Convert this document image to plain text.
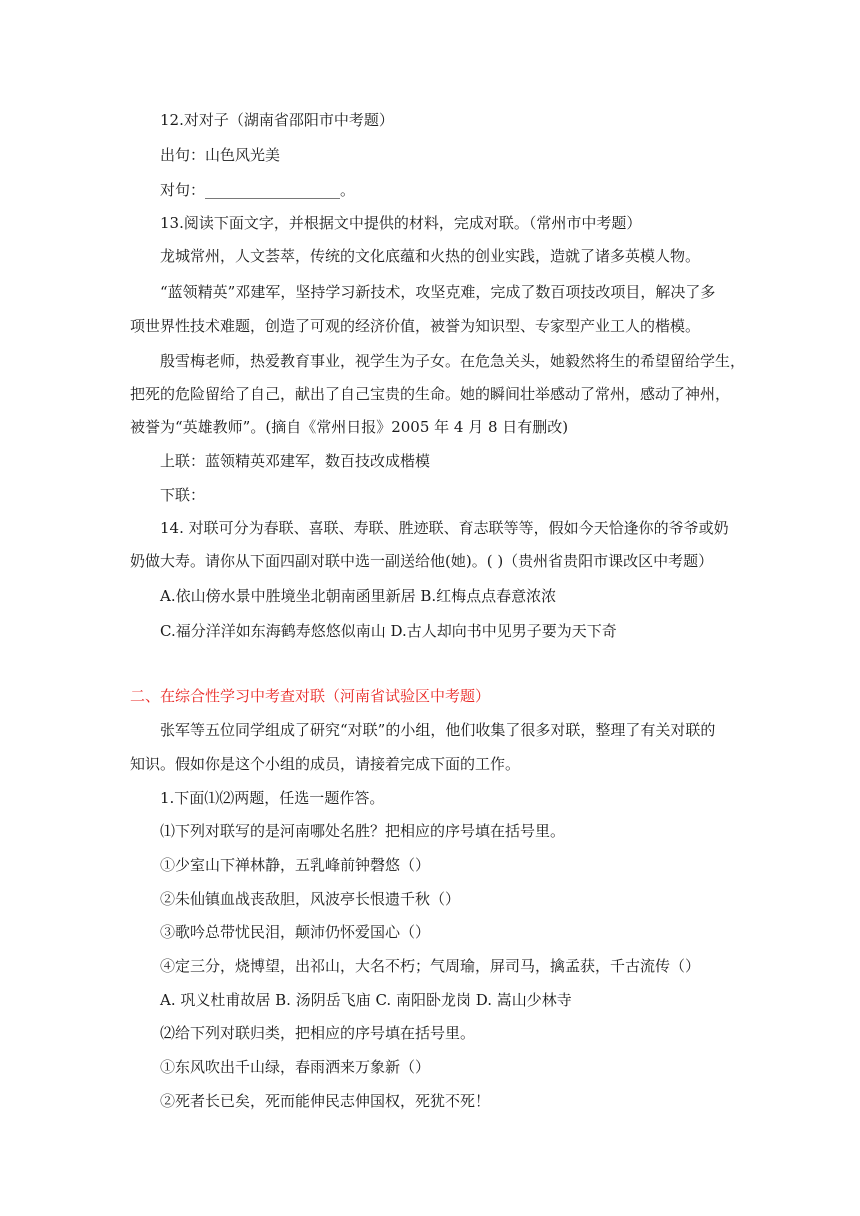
12.对对子（湖南省邵阳市中考题）
出句：山色风光美
对句：__________________。
13.阅读下面文字，并根据文中提供的材料，完成对联。（常州市中考题）
龙城常州，人文荟萃，传统的文化底蕴和火热的创业实践，造就了诸多英模人物。
“蓝领精英”邓建军，坚持学习新技术，攻坚克难，完成了数百项技改项目，解决了多
项世界性技术难题，创造了可观的经济价值，被誉为知识型、专家型产业工人的楷模。
殷雪梅老师，热爱教育事业，视学生为子女。在危急关头，她毅然将生的希望留给学生，
把死的危险留给了自己，献出了自己宝贵的生命。她的瞬间壮举感动了常州，感动了神州，
被誉为“英雄教师”。(摘自《常州日报》2005 年 4 月 8 日有删改)
上联：蓝领精英邓建军，数百技改成楷模
下联：
14. 对联可分为春联、喜联、寿联、胜迹联、育志联等等，假如今天恰逢你的爷爷或奶
奶做大寿。请你从下面四副对联中选一副送给他(她)。( )（贵州省贵阳市课改区中考题）
A.依山傍水景中胜境坐北朝南函里新居 B.红梅点点春意浓浓
C.福分洋洋如东海鹤寿悠悠似南山 D.古人却向书中见男子要为天下奇
二、在综合性学习中考查对联（河南省试验区中考题）
张军等五位同学组成了研究“对联”的小组，他们收集了很多对联，整理了有关对联的
知识。假如你是这个小组的成员，请接着完成下面的工作。
1.下面⑴⑵两题，任选一题作答。
⑴下列对联写的是河南哪处名胜？把相应的序号填在括号里。
①少室山下禅林静，五乳峰前钟磬悠（）
②朱仙镇血战丧敌胆，风波亭长恨遗千秋（）
③歌吟总带忧民泪，颠沛仍怀爱国心（）
④定三分，烧博望，出祁山，大名不朽；气周瑜，屏司马，擒孟获，千古流传（）
A. 巩义杜甫故居 B. 汤阴岳飞庙 C. 南阳卧龙岗 D. 嵩山少林寺
⑵给下列对联归类，把相应的序号填在括号里。
①东风吹出千山绿，春雨洒来万象新（）
②死者长已矣，死而能伸民志伸国权，死犹不死！
